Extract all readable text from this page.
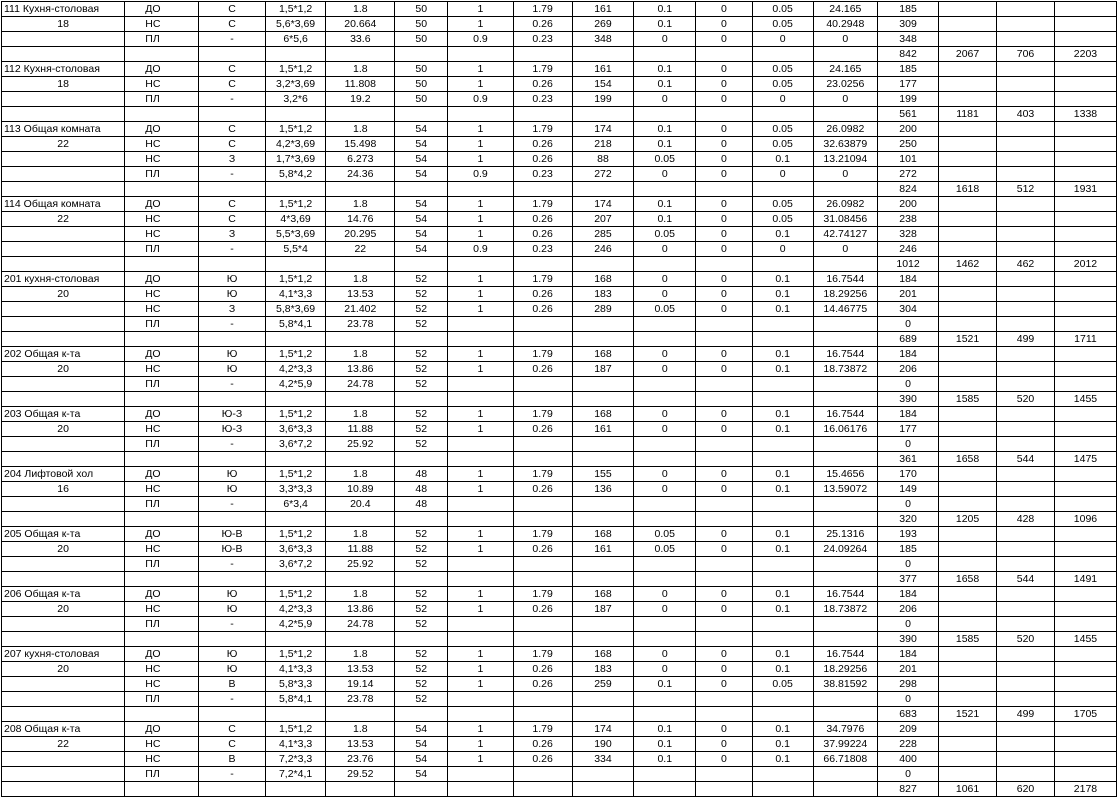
111 Кухня-столовая	ДО	С	1,5*1,2	1.8	50	1	1.79	161	0.1	0	0.05	24.165	185			
18	НС	С	5,6*3,69	20.664	50	1	0.26	269	0.1	0	0.05	40.2948	309			
	ПЛ	-	6*5,6	33.6	50	0.9	0.23	348	0	0	0	0	348			
													842	2067	706	2203
112 Кухня-столовая	ДО	С	1,5*1,2	1.8	50	1	1.79	161	0.1	0	0.05	24.165	185			
18	НС	С	3,2*3,69	11.808	50	1	0.26	154	0.1	0	0.05	23.0256	177			
	ПЛ	-	3,2*6	19.2	50	0.9	0.23	199	0	0	0	0	199			
													561	1181	403	1338
113 Общая комната	ДО	С	1,5*1,2	1.8	54	1	1.79	174	0.1	0	0.05	26.0982	200			
22	НС	С	4,2*3,69	15.498	54	1	0.26	218	0.1	0	0.05	32.63879	250			
	НС	З	1,7*3,69	6.273	54	1	0.26	88	0.05	0	0.1	13.21094	101			
	ПЛ	-	5,8*4,2	24.36	54	0.9	0.23	272	0	0	0	0	272			
													824	1618	512	1931
114 Общая комната	ДО	С	1,5*1,2	1.8	54	1	1.79	174	0.1	0	0.05	26.0982	200			
22	НС	С	4*3,69	14.76	54	1	0.26	207	0.1	0	0.05	31.08456	238			
	НС	З	5,5*3,69	20.295	54	1	0.26	285	0.05	0	0.1	42.74127	328			
	ПЛ	-	5,5*4	22	54	0.9	0.23	246	0	0	0	0	246			
													1012	1462	462	2012
201 кухня-столовая	ДО	Ю	1,5*1,2	1.8	52	1	1.79	168	0	0	0.1	16.7544	184			
20	НС	Ю	4,1*3,3	13.53	52	1	0.26	183	0	0	0.1	18.29256	201			
	НС	З	5,8*3,69	21.402	52	1	0.26	289	0.05	0	0.1	14.46775	304			
	ПЛ	-	5,8*4,1	23.78	52								0			
													689	1521	499	1711
202 Общая к-та	ДО	Ю	1,5*1,2	1.8	52	1	1.79	168	0	0	0.1	16.7544	184			
20	НС	Ю	4,2*3,3	13.86	52	1	0.26	187	0	0	0.1	18.73872	206			
	ПЛ	-	4,2*5,9	24.78	52								0			
													390	1585	520	1455
203 Общая к-та	ДО	Ю-З	1,5*1,2	1.8	52	1	1.79	168	0	0	0.1	16.7544	184			
20	НС	Ю-З	3,6*3,3	11.88	52	1	0.26	161	0	0	0.1	16.06176	177			
	ПЛ	-	3,6*7,2	25.92	52								0			
													361	1658	544	1475
204 Лифтовой хол	ДО	Ю	1,5*1,2	1.8	48	1	1.79	155	0	0	0.1	15.4656	170			
16	НС	Ю	3,3*3,3	10.89	48	1	0.26	136	0	0	0.1	13.59072	149			
	ПЛ	-	6*3,4	20.4	48								0			
													320	1205	428	1096
205 Общая к-та	ДО	Ю-В	1,5*1,2	1.8	52	1	1.79	168	0.05	0	0.1	25.1316	193			
20	НС	Ю-В	3,6*3,3	11.88	52	1	0.26	161	0.05	0	0.1	24.09264	185			
	ПЛ	-	3,6*7,2	25.92	52								0			
													377	1658	544	1491
206 Общая к-та	ДО	Ю	1,5*1,2	1.8	52	1	1.79	168	0	0	0.1	16.7544	184			
20	НС	Ю	4,2*3,3	13.86	52	1	0.26	187	0	0	0.1	18.73872	206			
	ПЛ	-	4,2*5,9	24.78	52								0			
													390	1585	520	1455
207 кухня-столовая	ДО	Ю	1,5*1,2	1.8	52	1	1.79	168	0	0	0.1	16.7544	184			
20	НС	Ю	4,1*3,3	13.53	52	1	0.26	183	0	0	0.1	18.29256	201			
	НС	В	5,8*3,3	19.14	52	1	0.26	259	0.1	0	0.05	38.81592	298			
	ПЛ	-	5,8*4,1	23.78	52								0			
													683	1521	499	1705
208 Общая к-та	ДО	С	1,5*1,2	1.8	54	1	1.79	174	0.1	0	0.1	34.7976	209			
22	НС	С	4,1*3,3	13.53	54	1	0.26	190	0.1	0	0.1	37.99224	228			
	НС	В	7,2*3,3	23.76	54	1	0.26	334	0.1	0	0.1	66.71808	400			
	ПЛ	-	7,2*4,1	29.52	54								0			
													827	1061	620	2178
